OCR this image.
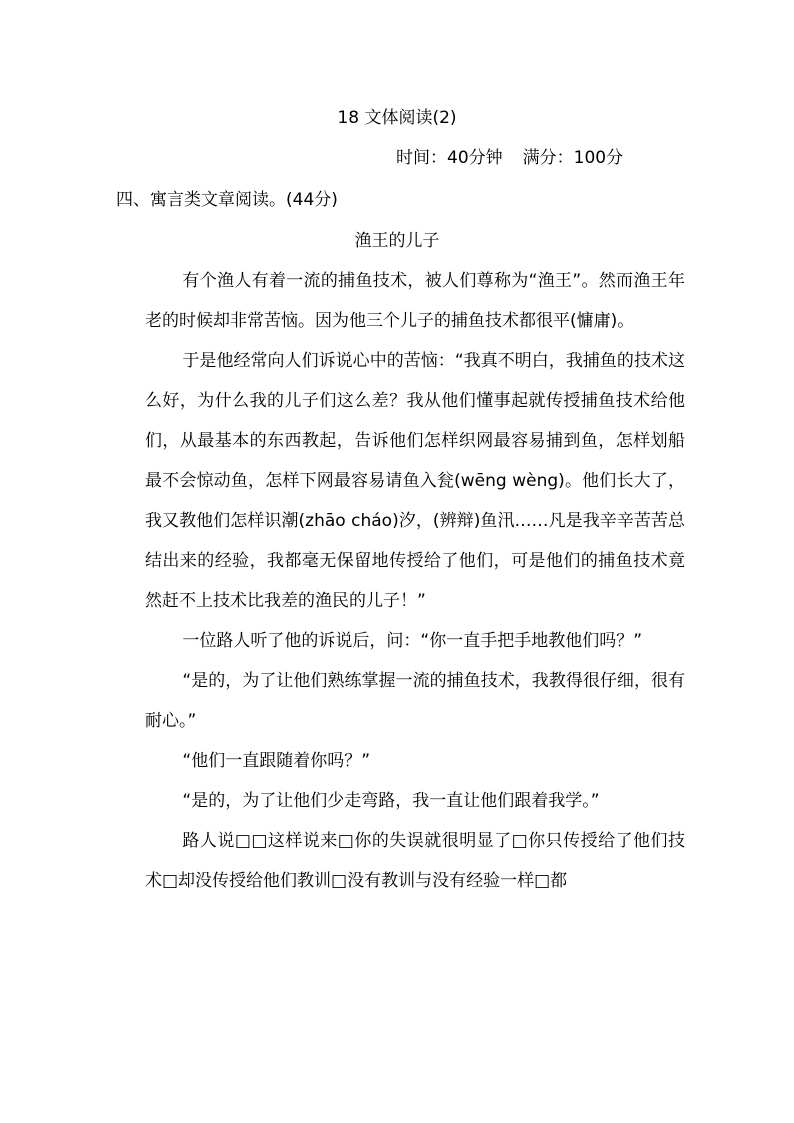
18 文体阅读(2)
时间：40分钟 满分：100分
四、寓言类文章阅读。(44分)
渔王的儿子

有个渔人有着一流的捕鱼技术，被人们尊称为“渔王”。然而渔王年老的时候却非常苦恼。因为他三个儿子的捕鱼技术都很平(慵庸)。

于是他经常向人们诉说心中的苦恼：“我真不明白，我捕鱼的技术这么好，为什么我的儿子们这么差？我从他们懂事起就传授捕鱼技术给他们，从最基本的东西教起，告诉他们怎样织网最容易捕到鱼，怎样划船最不会惊动鱼，怎样下网最容易请鱼入瓮(wēng wèng)。他们长大了，我又教他们怎样识潮(zhāo cháo)汐，(辨辩)鱼汛……凡是我辛辛苦苦总结出来的经验，我都毫无保留地传授给了他们，可是他们的捕鱼技术竟然赶不上技术比我差的渔民的儿子！”

一位路人听了他的诉说后，问：“你一直手把手地教他们吗？”

“是的，为了让他们熟练掌握一流的捕鱼技术，我教得很仔细，很有耐心。”

“他们一直跟随着你吗？”

“是的，为了让他们少走弯路，我一直让他们跟着我学。”

路人说□□这样说来□你的失误就很明显了□你只传授给了他们技术□却没传授给他们教训□没有教训与没有经验一样□都
